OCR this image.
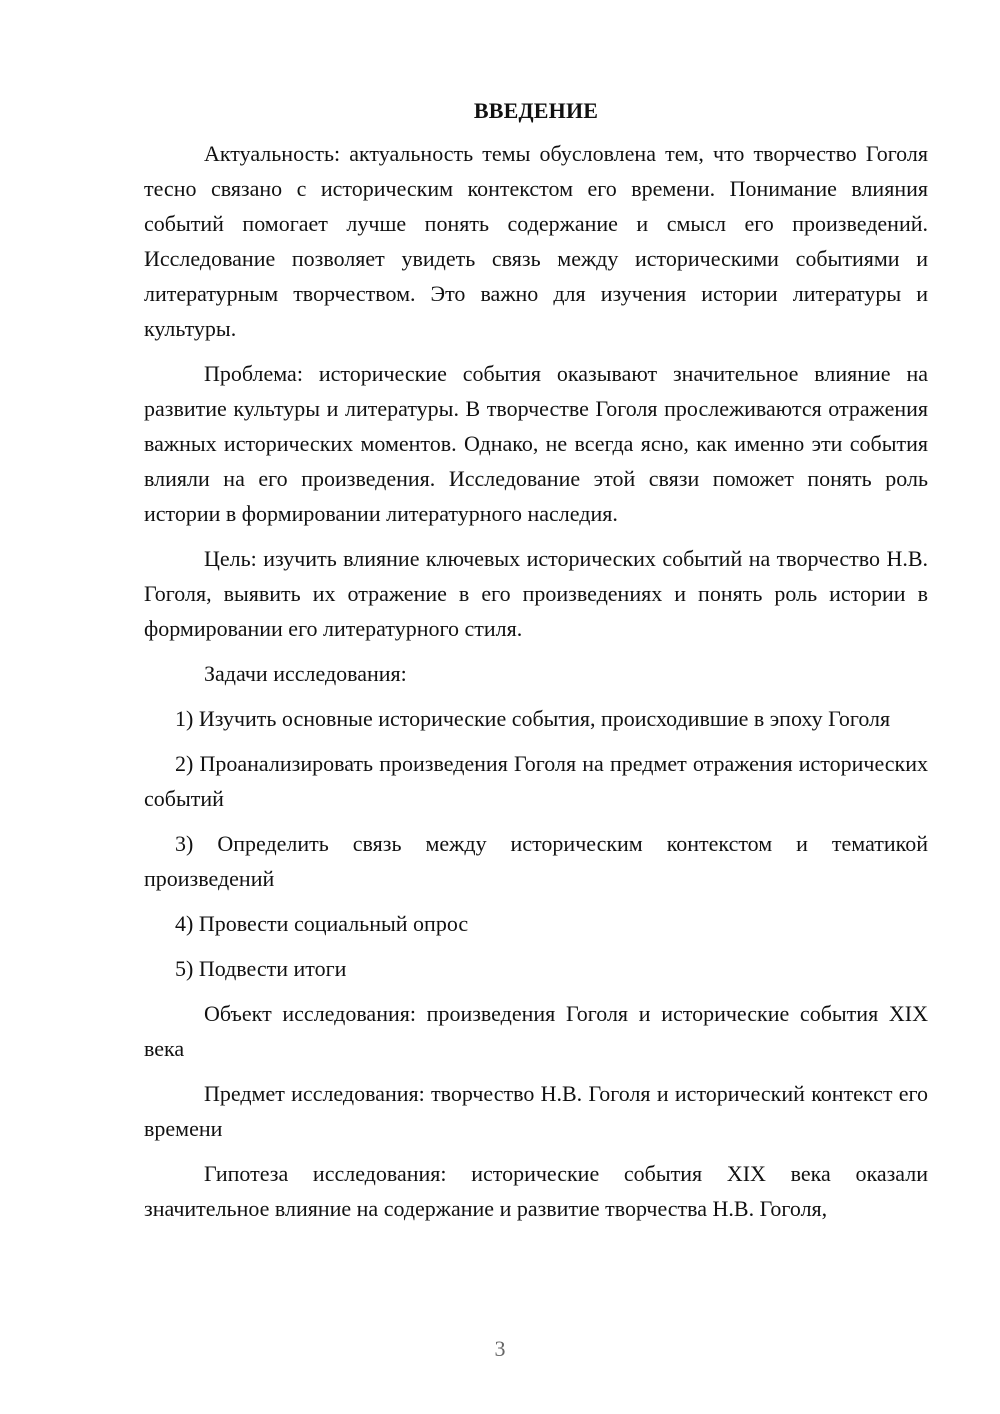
ВВЕДЕНИЕ

Актуальность: актуальность темы обусловлена тем, что творчество Гоголя тесно связано с историческим контекстом его времени. Понимание влияния событий помогает лучше понять содержание и смысл его произведений. Исследование позволяет увидеть связь между историческими событиями и литературным творчеством. Это важно для изучения истории литературы и культуры.

Проблема: исторические события оказывают значительное влияние на развитие культуры и литературы. В творчестве Гоголя прослеживаются отражения важных исторических моментов. Однако, не всегда ясно, как именно эти события влияли на его произведения. Исследование этой связи поможет понять роль истории в формировании литературного наследия.

Цель: изучить влияние ключевых исторических событий на творчество Н.В. Гоголя, выявить их отражение в его произведениях и понять роль истории в формировании его литературного стиля.

Задачи исследования:

1) Изучить основные исторические события, происходившие в эпоху Гоголя

2) Проанализировать произведения Гоголя на предмет отражения исторических событий

3) Определить связь между историческим контекстом и тематикой произведений

4) Провести социальный опрос

5) Подвести итоги

Объект исследования: произведения Гоголя и исторические события XIX века

Предмет исследования: творчество Н.В. Гоголя и исторический контекст его времени

Гипотеза исследования: исторические события XIX века оказали значительное влияние на содержание и развитие творчества Н.В. Гоголя,

3
